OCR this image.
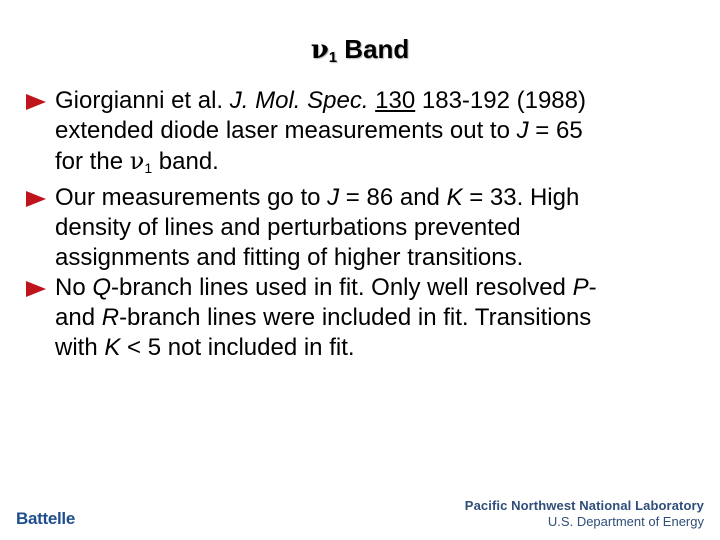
$\nu_1$ Band
Giorgianni et al. J. Mol. Spec. 130 183-192 (1988)
extended diode laser measurements out to J = 65
for the $\nu_1$ band.
Our measurements go to J = 86 and K = 33. High
density of lines and perturbations prevented
assignments and fitting of higher transitions.
No Q-branch lines used in fit. Only well resolved P-
and R-branch lines were included in fit. Transitions
with K < 5 not included in fit.
Battelle
Pacific Northwest National Laboratory
U.S. Department of Energy
